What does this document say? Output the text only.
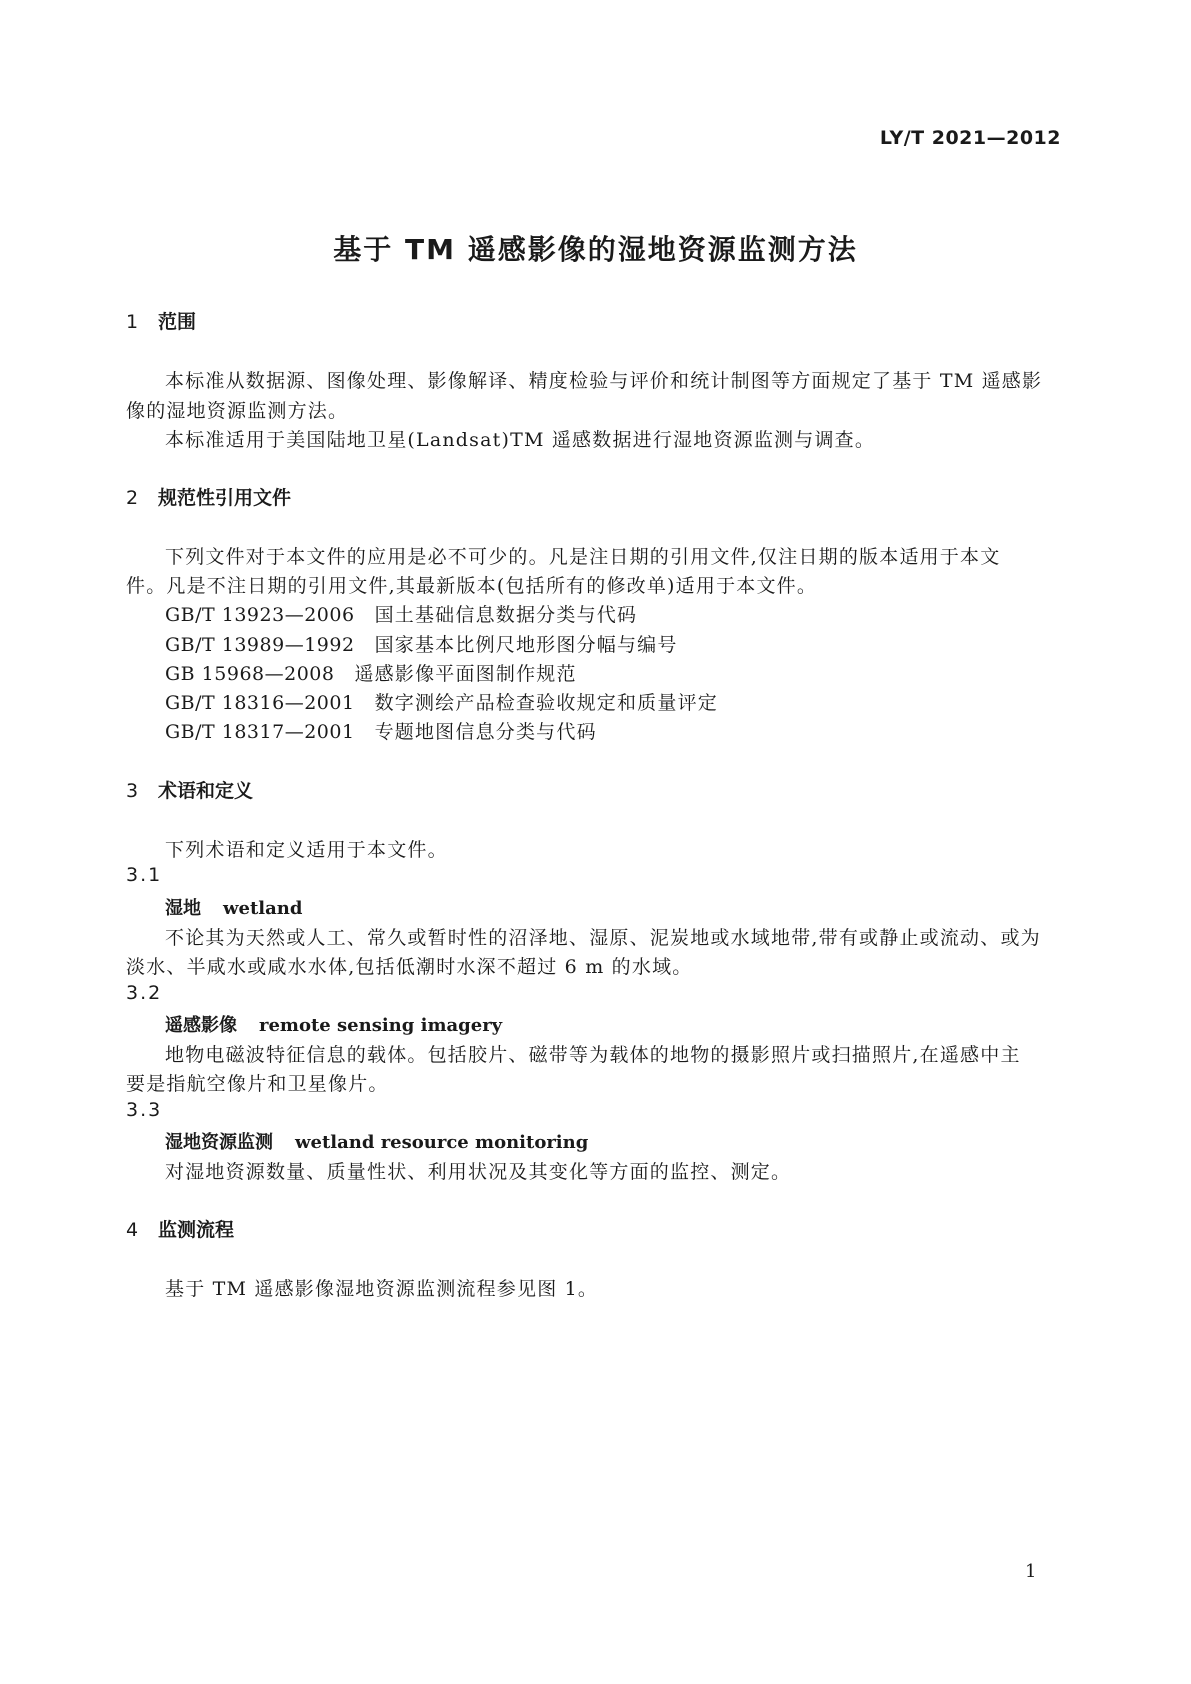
LY/T 2021—2012
基于 TM 遥感影像的湿地资源监测方法
1 范围
本标准从数据源、图像处理、影像解译、精度检验与评价和统计制图等方面规定了基于 TM 遥感影
像的湿地资源监测方法。
本标准适用于美国陆地卫星(Landsat)TM 遥感数据进行湿地资源监测与调查。
2 规范性引用文件
下列文件对于本文件的应用是必不可少的。凡是注日期的引用文件,仅注日期的版本适用于本文
件。凡是不注日期的引用文件,其最新版本(包括所有的修改单)适用于本文件。
GB/T 13923—2006 国土基础信息数据分类与代码
GB/T 13989—1992 国家基本比例尺地形图分幅与编号
GB 15968—2008 遥感影像平面图制作规范
GB/T 18316—2001 数字测绘产品检查验收规定和质量评定
GB/T 18317—2001 专题地图信息分类与代码
3 术语和定义
下列术语和定义适用于本文件。
3.1
湿地 wetland
不论其为天然或人工、常久或暂时性的沼泽地、湿原、泥炭地或水域地带,带有或静止或流动、或为
淡水、半咸水或咸水水体,包括低潮时水深不超过 6 m 的水域。
3.2
遥感影像 remote sensing imagery
地物电磁波特征信息的载体。包括胶片、磁带等为载体的地物的摄影照片或扫描照片,在遥感中主
要是指航空像片和卫星像片。
3.3
湿地资源监测 wetland resource monitoring
对湿地资源数量、质量性状、利用状况及其变化等方面的监控、测定。
4 监测流程
基于 TM 遥感影像湿地资源监测流程参见图 1。
1
